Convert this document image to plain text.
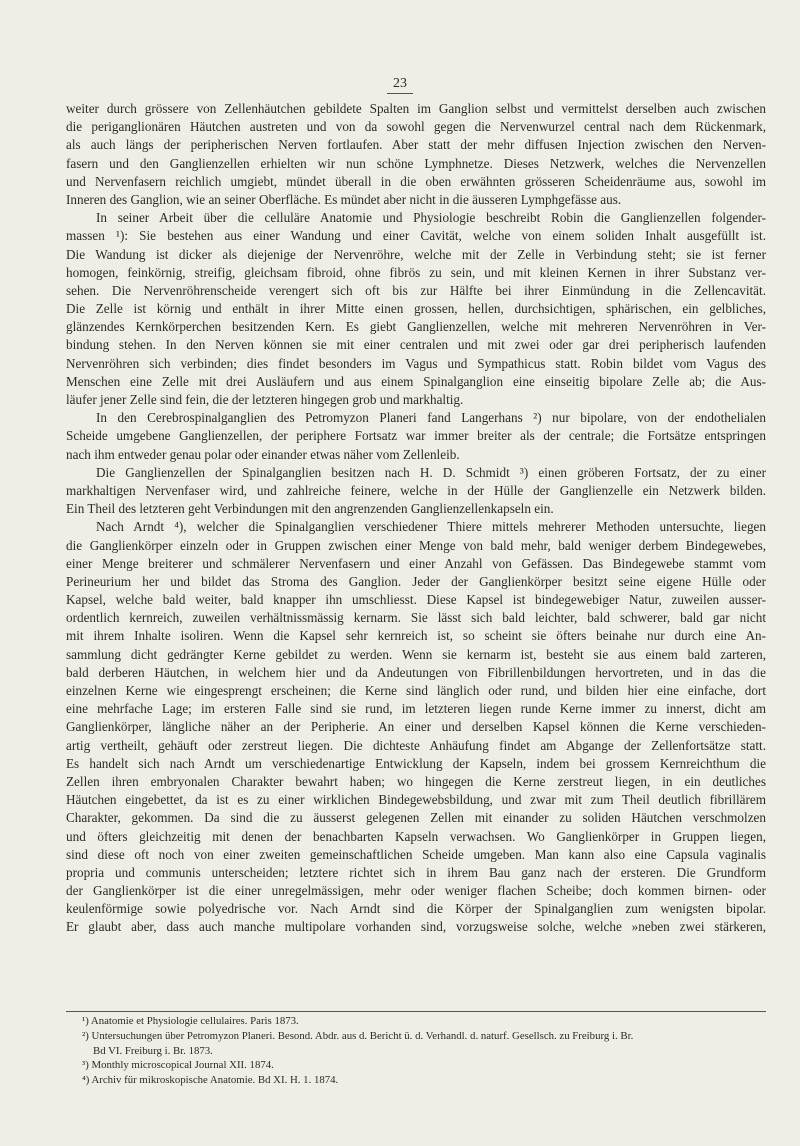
23
weiter durch grössere von Zellenhäutchen gebildete Spalten im Ganglion selbst und vermittelst derselben auch zwischen
die periganglionären Häutchen austreten und von da sowohl gegen die Nervenwurzel central nach dem Rückenmark,
als auch längs der peripherischen Nerven fortlaufen. Aber statt der mehr diffusen Injection zwischen den Nerven-
fasern und den Ganglienzellen erhielten wir nun schöne Lymphnetze. Dieses Netzwerk, welches die Nervenzellen
und Nervenfasern reichlich umgiebt, mündet überall in die oben erwähnten grösseren Scheidenräume aus, sowohl im
Inneren des Ganglion, wie an seiner Oberfläche. Es mündet aber nicht in die äusseren Lymphgefässe aus.
In seiner Arbeit über die celluläre Anatomie und Physiologie beschreibt Robin die Ganglienzellen folgender-
massen ¹): Sie bestehen aus einer Wandung und einer Cavität, welche von einem soliden Inhalt ausgefüllt ist.
Die Wandung ist dicker als diejenige der Nervenröhre, welche mit der Zelle in Verbindung steht; sie ist ferner
homogen, feinkörnig, streifig, gleichsam fibroid, ohne fibrös zu sein, und mit kleinen Kernen in ihrer Substanz ver-
sehen. Die Nervenröhrenscheide verengert sich oft bis zur Hälfte bei ihrer Einmündung in die Zellencavität.
Die Zelle ist körnig und enthält in ihrer Mitte einen grossen, hellen, durchsichtigen, sphärischen, ein gelbliches,
glänzendes Kernkörperchen besitzenden Kern. Es giebt Ganglienzellen, welche mit mehreren Nervenröhren in Ver-
bindung stehen. In den Nerven können sie mit einer centralen und mit zwei oder gar drei peripherisch laufenden
Nervenröhren sich verbinden; dies findet besonders im Vagus und Sympathicus statt. Robin bildet vom Vagus des
Menschen eine Zelle mit drei Ausläufern und aus einem Spinalganglion eine einseitig bipolare Zelle ab; die Aus-
läufer jener Zelle sind fein, die der letzteren hingegen grob und markhaltig.
In den Cerebrospinalganglien des Petromyzon Planeri fand Langerhans ²) nur bipolare, von der endothelialen
Scheide umgebene Ganglienzellen, der periphere Fortsatz war immer breiter als der centrale; die Fortsätze entspringen
nach ihm entweder genau polar oder einander etwas näher vom Zellenleib.
Die Ganglienzellen der Spinalganglien besitzen nach H. D. Schmidt ³) einen gröberen Fortsatz, der zu einer
markhaltigen Nervenfaser wird, und zahlreiche feinere, welche in der Hülle der Ganglienzelle ein Netzwerk bilden.
Ein Theil des letzteren geht Verbindungen mit den angrenzenden Ganglienzellenkapseln ein.
Nach Arndt ⁴), welcher die Spinalganglien verschiedener Thiere mittels mehrerer Methoden untersuchte, liegen
die Ganglienkörper einzeln oder in Gruppen zwischen einer Menge von bald mehr, bald weniger derbem Bindegewebes,
einer Menge breiterer und schmälerer Nervenfasern und einer Anzahl von Gefässen. Das Bindegewebe stammt vom
Perineurium her und bildet das Stroma des Ganglion. Jeder der Ganglienkörper besitzt seine eigene Hülle oder
Kapsel, welche bald weiter, bald knapper ihn umschliesst. Diese Kapsel ist bindegewebiger Natur, zuweilen ausser-
ordentlich kernreich, zuweilen verhältnissmässig kernarm. Sie lässt sich bald leichter, bald schwerer, bald gar nicht
mit ihrem Inhalte isoliren. Wenn die Kapsel sehr kernreich ist, so scheint sie öfters beinahe nur durch eine An-
sammlung dicht gedrängter Kerne gebildet zu werden. Wenn sie kernarm ist, besteht sie aus einem bald zarteren,
bald derberen Häutchen, in welchem hier und da Andeutungen von Fibrillenbildungen hervortreten, und in das die
einzelnen Kerne wie eingesprengt erscheinen; die Kerne sind länglich oder rund, und bilden hier eine einfache, dort
eine mehrfache Lage; im ersteren Falle sind sie rund, im letzteren liegen runde Kerne immer zu innerst, dicht am
Ganglienkörper, längliche näher an der Peripherie. An einer und derselben Kapsel können die Kerne verschieden-
artig vertheilt, gehäuft oder zerstreut liegen. Die dichteste Anhäufung findet am Abgange der Zellenfortsätze statt.
Es handelt sich nach Arndt um verschiedenartige Entwicklung der Kapseln, indem bei grossem Kernreichthum die
Zellen ihren embryonalen Charakter bewahrt haben; wo hingegen die Kerne zerstreut liegen, in ein deutliches
Häutchen eingebettet, da ist es zu einer wirklichen Bindegewebsbildung, und zwar mit zum Theil deutlich fibrillärem
Charakter, gekommen. Da sind die zu äusserst gelegenen Zellen mit einander zu soliden Häutchen verschmolzen
und öfters gleichzeitig mit denen der benachbarten Kapseln verwachsen. Wo Ganglienkörper in Gruppen liegen,
sind diese oft noch von einer zweiten gemeinschaftlichen Scheide umgeben. Man kann also eine Capsula vaginalis
propria und communis unterscheiden; letztere richtet sich in ihrem Bau ganz nach der ersteren. Die Grundform
der Ganglienkörper ist die einer unregelmässigen, mehr oder weniger flachen Scheibe; doch kommen birnen- oder
keulenförmige sowie polyedrische vor. Nach Arndt sind die Körper der Spinalganglien zum wenigsten bipolar.
Er glaubt aber, dass auch manche multipolare vorhanden sind, vorzugsweise solche, welche »neben zwei stärkeren,
¹) Anatomie et Physiologie cellulaires. Paris 1873.
²) Untersuchungen über Petromyzon Planeri. Besond. Abdr. aus d. Bericht ü. d. Verhandl. d. naturf. Gesellsch. zu Freiburg i. Br.
Bd VI. Freiburg i. Br. 1873.
³) Monthly microscopical Journal XII. 1874.
⁴) Archiv für mikroskopische Anatomie. Bd XI. H. 1. 1874.
